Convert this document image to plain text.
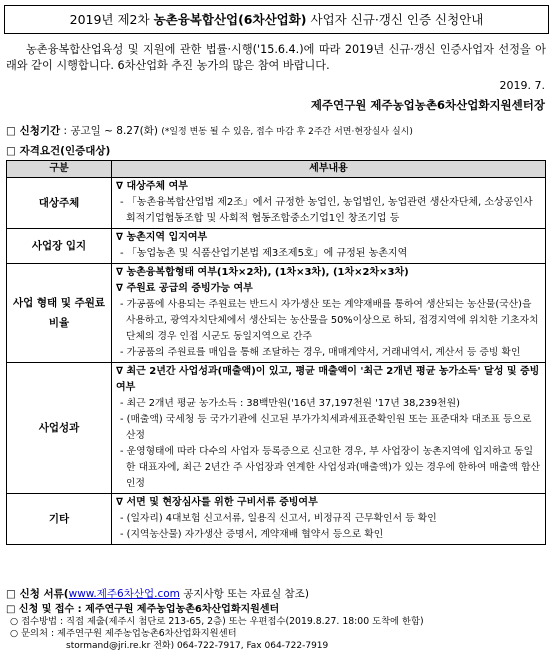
2019년 제2차 농촌융복합산업(6차산업화) 사업자 신규·갱신 인증 신청안내
농촌융복합산업육성 및 지원에 관한 법률·시행('15.6.4.)에 따라 2019년 신규·갱신 인증사업자 선정을 아래와 같이 시행합니다. 6차산업화 추진 농가의 많은 참여 바랍니다.
2019. 7.
제주연구원 제주농업농촌6차산업화지원센터장
□ 신청기간 : 공고일 ~ 8.27(화) (*일정 변동 될 수 있음, 접수 마감 후 2주간 서면·현장실사 실시)
□ 자격요건(인증대상)
구분	세부내용
대상주체	∇ 대상주체 여부
- 「농촌융복합산업법 제2조」에서 규정한 농업인, 농업법인, 농업관련 생산자단체, 소상공인사회적기업협동조합 및 사회적 협동조합중소기업1인 창조기업 등

사업장 입지	∇ 농촌지역 입지여부
- 「농업농촌 및 식품산업기본법 제3조제5호」에 규정된 농촌지역

사업 형태 및 주원료 비율	∇ 농촌융복합형태 여부(1차×2차), (1차×3차), (1차×2차×3차)
∇ 주원료 공급의 증빙가능 여부
- 가공품에 사용되는 주원료는 반드시 자가생산 또는 계약재배를 통하여 생산되는 농산물(국산)을 사용하고, 광역자치단체에서 생산되는 농산물을 50%이상으로 하되, 접경지역에 위치한 기초자치단체의 경우 인접 시군도 동일지역으로 간주
- 가공품의 주원료를 매입을 통해 조달하는 경우, 매매계약서, 거래내역서, 계산서 등 증빙 확인

사업성과	∇ 최근 2년간 사업성과(매출액)이 있고, 평균 매출액이 '최근 2개년 평균 농가소득' 달성 및 증빙여부
- 최근 2개년 평균 농가소득 : 38백만원('16년 37,197천원 '17년 38,239천원)
- (매출액) 국세청 등 국가기관에 신고된 부가가치세과세표준확인원 또는 표준대차 대조표 등으로 산정
- 운영형태에 따라 다수의 사업자 등록증으로 신고한 경우, 부 사업장이 농촌지역에 입지하고 동일한 대표자에, 최근 2년간 주 사업장과 연계한 사업성과(매출액)가 있는 경우에 한하여 매출액 합산 인정

기타	∇ 서면 및 현장심사를 위한 구비서류 증빙여부
- (일자리) 4대보험 신고서류, 일용직 신고서, 비정규직 근무확인서 등 확인
- (지역농산물) 자가생산 증명서, 계약재배 협약서 등으로 확인
□ 신청 서류(www.제주6차산업.com 공지사항 또는 자료실 참조)
□ 신청 및 접수 : 제주연구원 제주농업농촌6차산업화지원센터
○ 접수방법 : 직접 제출(제주시 첨단로 213-65, 2층) 또는 우편접수(2019.8.27. 18:00 도착에 한함)
○ 문의처 : 제주연구원 제주농업농촌6차산업화지원센터
stormand@jri.re.kr 전화) 064-722-7917, Fax 064-722-7919
